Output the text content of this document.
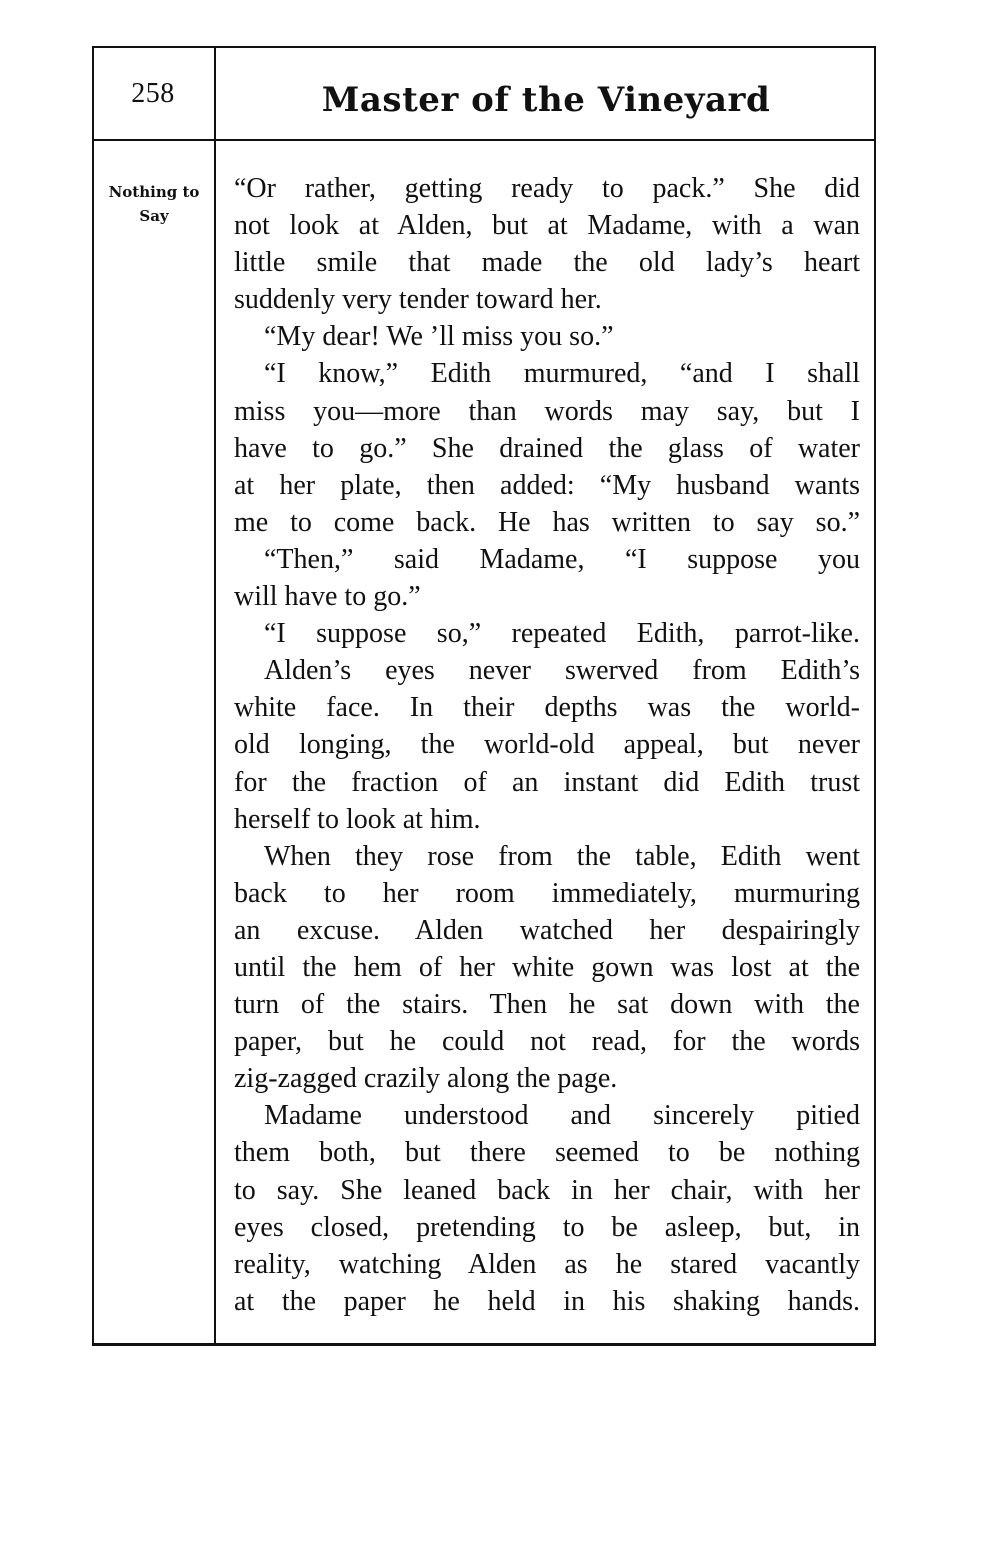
258	Master of the Vineyard
Nothing to
Say
“Or rather, getting ready to pack.” She did
not look at Alden, but at Madame, with a wan
little smile that made the old lady’s heart
suddenly very tender toward her.
“My dear! We ’ll miss you so.”
“I know,” Edith murmured, “and I shall
miss you—more than words may say, but I
have to go.” She drained the glass of water
at her plate, then added: “My husband wants
me to come back. He has written to say so.”
“Then,” said Madame, “I suppose you
will have to go.”
“I suppose so,” repeated Edith, parrot-like.
Alden’s eyes never swerved from Edith’s
white face. In their depths was the world-
old longing, the world-old appeal, but never
for the fraction of an instant did Edith trust
herself to look at him.
When they rose from the table, Edith went
back to her room immediately, murmuring
an excuse. Alden watched her despairingly
until the hem of her white gown was lost at the
turn of the stairs. Then he sat down with the
paper, but he could not read, for the words
zig-zagged crazily along the page.
Madame understood and sincerely pitied
them both, but there seemed to be nothing
to say. She leaned back in her chair, with her
eyes closed, pretending to be asleep, but, in
reality, watching Alden as he stared vacantly
at the paper he held in his shaking hands.
